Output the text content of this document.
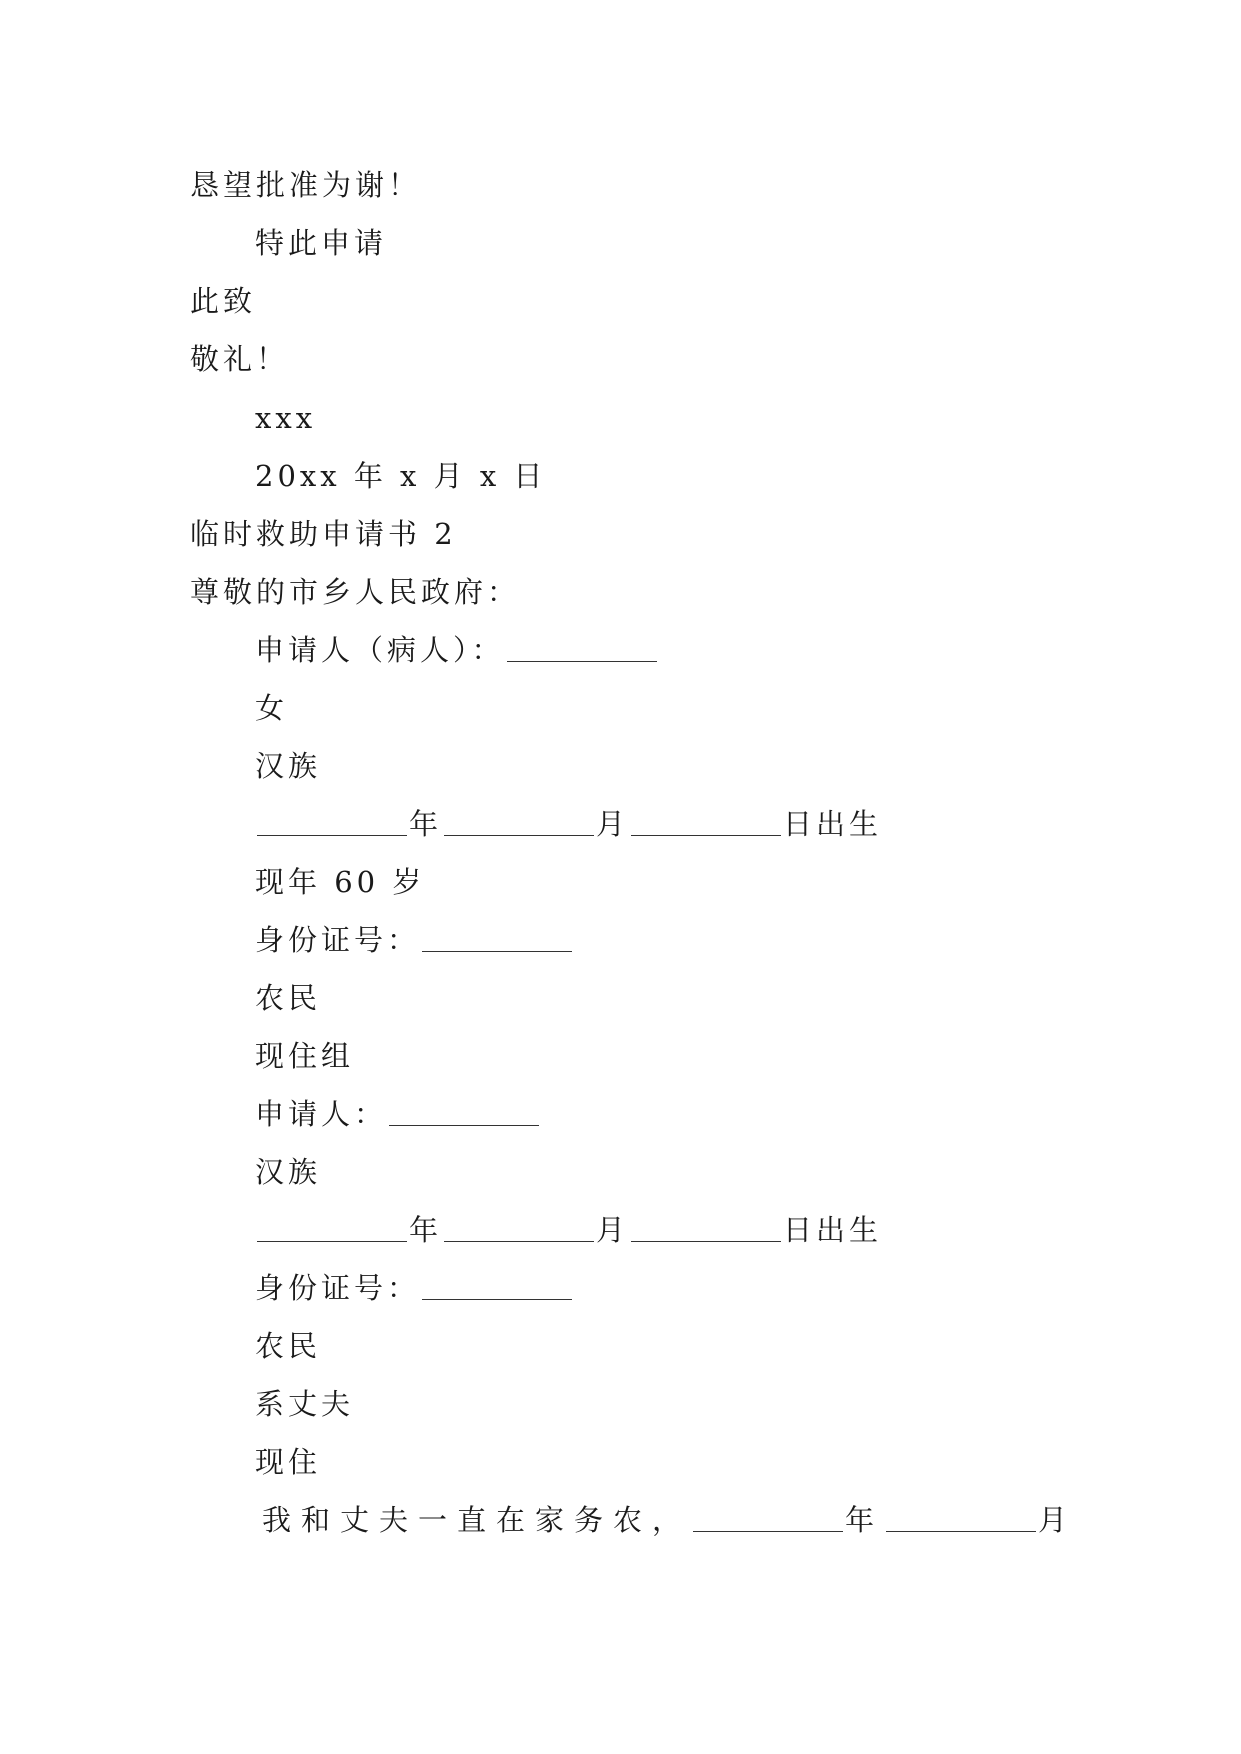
恳望批准为谢！
特此申请
此致
敬礼！
xxx
20xx 年 x 月 x 日
临时救助申请书 2
尊敬的市乡人民政府：
申请人（病人）：
女
汉族
年	月	日出生
现年 60 岁
身份证号：
农民
现住组
申请人：
汉族
年	月	日出生
身份证号：
农民
系丈夫
现住
我和丈夫一直在家务农，	年	月
